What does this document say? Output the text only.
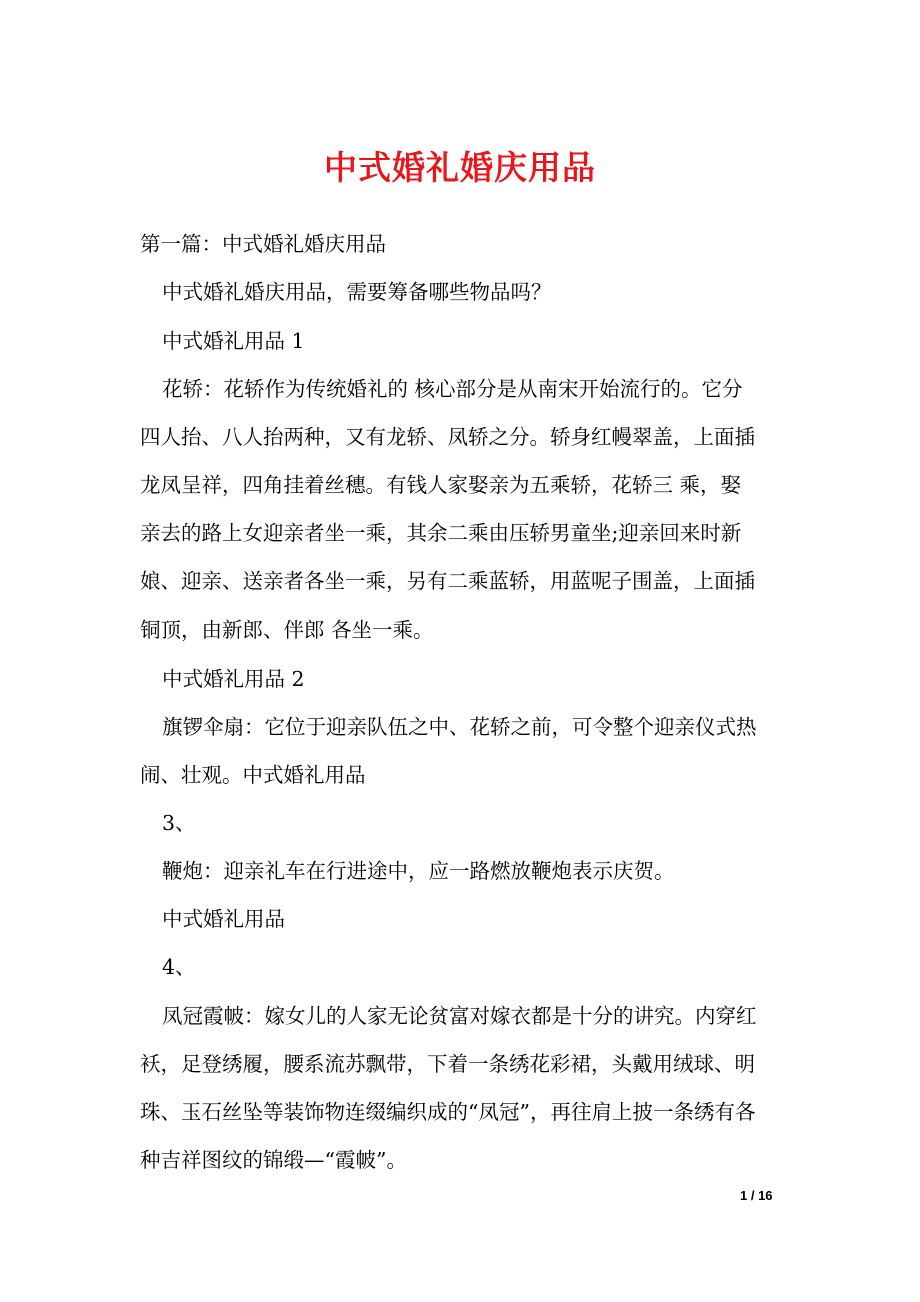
中式婚礼婚庆用品
第一篇：中式婚礼婚庆用品
中式婚礼婚庆用品，需要筹备哪些物品吗？
中式婚礼用品 1
花轿：花轿作为传统婚礼的 核心部分是从南宋开始流行的。它分
四人抬、八人抬两种，又有龙轿、凤轿之分。轿身红幔翠盖，上面插
龙凤呈祥，四角挂着丝穗。有钱人家娶亲为五乘轿，花轿三 乘，娶
亲去的路上女迎亲者坐一乘，其余二乘由压轿男童坐;迎亲回来时新
娘、迎亲、送亲者各坐一乘，另有二乘蓝轿，用蓝呢子围盖，上面插
铜顶，由新郎、伴郎 各坐一乘。
中式婚礼用品 2
旗锣伞扇：它位于迎亲队伍之中、花轿之前，可令整个迎亲仪式热
闹、壮观。中式婚礼用品
3、
鞭炮：迎亲礼车在行进途中，应一路燃放鞭炮表示庆贺。
中式婚礼用品
4、
凤冠霞帔：嫁女儿的人家无论贫富对嫁衣都是十分的讲究。内穿红
袄，足登绣履，腰系流苏飘带，下着一条绣花彩裙，头戴用绒球、明
珠、玉石丝坠等装饰物连缀编织成的“凤冠”，再往肩上披一条绣有各
种吉祥图纹的锦缎—“霞帔”。
1 / 16
